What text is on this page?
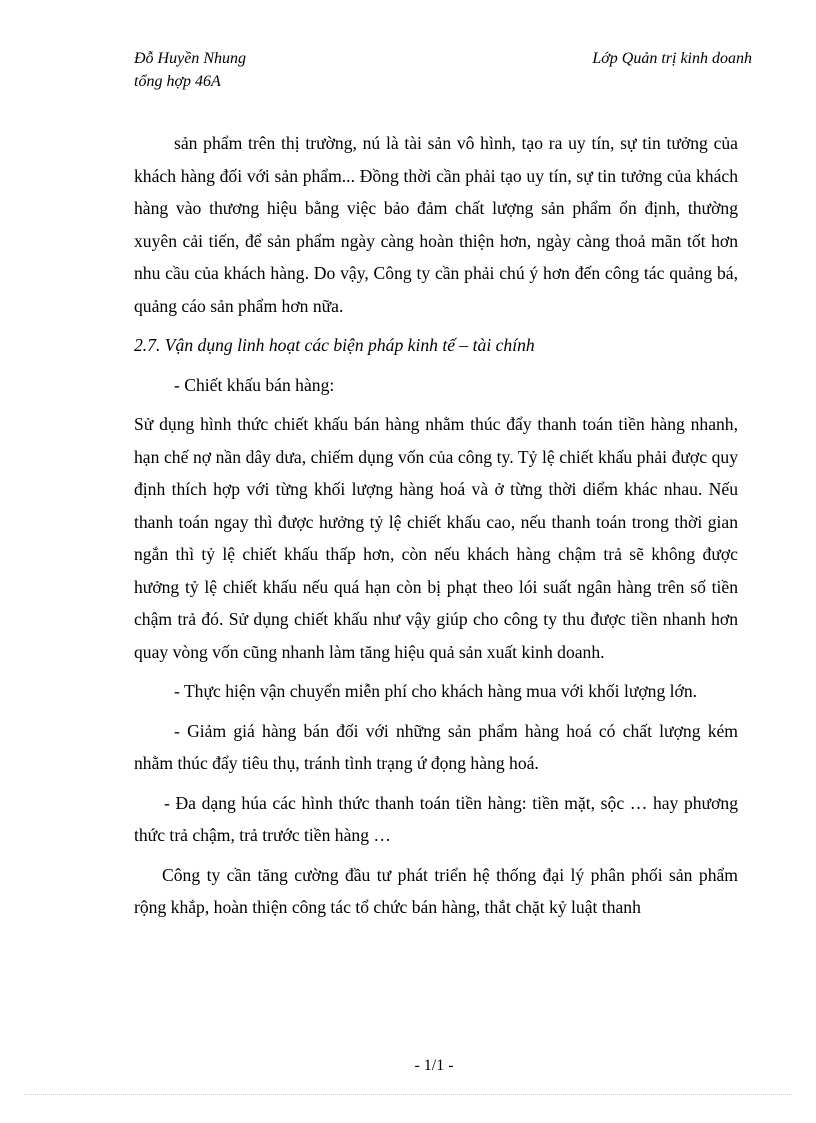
Đỗ Huyền Nhung
tổng hợp 46A
Lớp Quản trị kinh doanh

sản phẩm trên thị trường, nú là tài sản vô hình, tạo ra uy tín, sự tin tưởng của khách hàng đối với sản phẩm... Đồng thời cần phải tạo uy tín, sự tin tưởng của khách hàng vào thương hiệu bằng việc bảo đảm chất lượng sản phẩm ổn định, thường xuyên cải tiến, để sản phẩm ngày càng hoàn thiện hơn, ngày càng thoả mãn tốt hơn nhu cầu của khách hàng. Do vậy, Công ty cần phải chú ý hơn đến công tác quảng bá, quảng cáo sản phẩm hơn nữa.

2.7. Vận dụng linh hoạt các biện pháp kinh tế – tài chính

- Chiết khấu bán hàng:

Sử dụng hình thức chiết khấu bán hàng nhằm thúc đẩy thanh toán tiền hàng nhanh, hạn chế nợ nần dây dưa, chiếm dụng vốn của công ty. Tỷ lệ chiết khấu phải được quy định thích hợp với từng khối lượng hàng hoá và ở từng thời diểm khác nhau. Nếu thanh toán ngay thì được hưởng tỷ lệ chiết khấu cao, nếu thanh toán trong thời gian ngắn thì tỷ lệ chiết khấu thấp hơn, còn nếu khách hàng chậm trả sẽ không được hưởng tỷ lệ chiết khấu nếu quá hạn còn bị phạt theo lói suất ngân hàng trên số tiền chậm trả đó. Sử dụng chiết khấu như vậy giúp cho công ty thu được tiền nhanh hơn quay vòng vốn cũng nhanh làm tăng hiệu quả sản xuất kinh doanh.

- Thực hiện vận chuyển miễn phí cho khách hàng mua với khối lượng lớn.

- Giảm giá hàng bán đối với những sản phẩm hàng hoá có chất lượng kém nhằm thúc đẩy tiêu thụ, tránh tình trạng ứ đọng hàng hoá.

- Đa dạng húa các hình thức thanh toán tiền hàng: tiền mặt, sộc … hay phương thức trả chậm, trả trước tiền hàng …

Công ty cần tăng cường đầu tư phát triển hệ thống đại lý phân phối sản phẩm rộng khắp, hoàn thiện công tác tổ chức bán hàng, thắt chặt kỷ luật thanh

- 1/1 -
